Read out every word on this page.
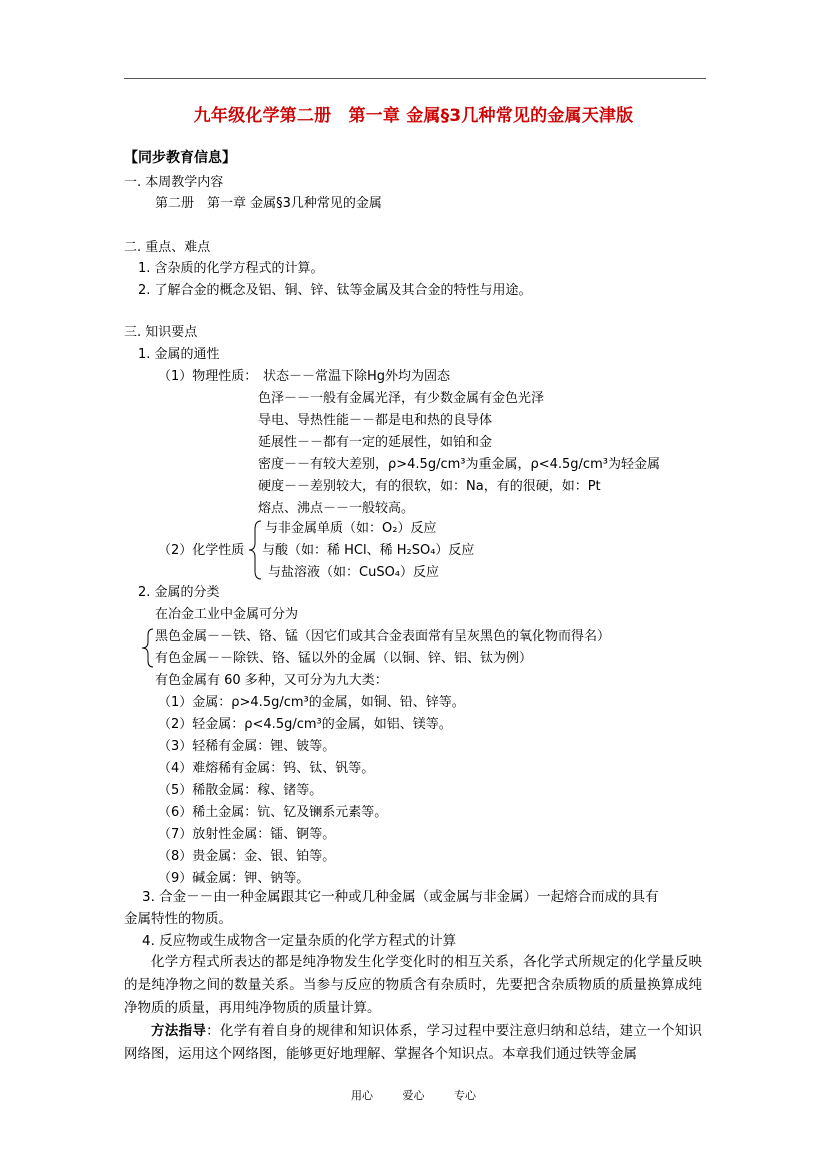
九年级化学第二册　第一章 金属§3几种常见的金属天津版
【同步教育信息】
一. 本周教学内容
第二册　第一章 金属§3几种常见的金属
二. 重点、难点
1. 含杂质的化学方程式的计算。
2. 了解合金的概念及铝、铜、锌、钛等金属及其合金的特性与用途。
三. 知识要点
1. 金属的通性
（1）物理性质： 状态－－常温下除Hg外均为固态
色泽－－一般有金属光泽，有少数金属有金色光泽
导电、导热性能－－都是电和热的良导体
延展性－－都有一定的延展性，如铂和金
密度－－有较大差别，ρ>4.5g/cm³为重金属，ρ<4.5g/cm³为轻金属
硬度－－差别较大，有的很软，如：Na，有的很硬，如：Pt
熔点、沸点－－一般较高。
（2）化学性质
与非金属单质（如：O₂）反应
与酸（如：稀 HCl、稀 H₂SO₄）反应
与盐溶液（如：CuSO₄）反应
2. 金属的分类
在冶金工业中金属可分为
黑色金属－－铁、铬、锰（因它们或其合金表面常有呈灰黑色的氧化物而得名）
有色金属－－除铁、铬、锰以外的金属（以铜、锌、铝、钛为例）
有色金属有 60 多种，又可分为九大类：
（1）金属：ρ>4.5g/cm³的金属，如铜、铅、锌等。
（2）轻金属：ρ<4.5g/cm³的金属，如铝、镁等。
（3）轻稀有金属：锂、铍等。
（4）难熔稀有金属：钨、钛、钒等。
（5）稀散金属：稼、锗等。
（6）稀土金属：钪、钇及镧系元素等。
（7）放射性金属：镭、锕等。
（8）贵金属：金、银、铂等。
（9）碱金属：钾、钠等。
3. 合金－－由一种金属跟其它一种或几种金属（或金属与非金属）一起熔合而成的具有
金属特性的物质。
4. 反应物或生成物含一定量杂质的化学方程式的计算
化学方程式所表达的都是纯净物发生化学变化时的相互关系，各化学式所规定的化学量反映的是纯净物之间的数量关系。当参与反应的物质含有杂质时，先要把含杂质物质的质量换算成纯净物质的质量，再用纯净物质的质量计算。
方法指导：化学有着自身的规律和知识体系，学习过程中要注意归纳和总结，建立一个知识网络图，运用这个网络图，能够更好地理解、掌握各个知识点。本章我们通过铁等金属
用心	爱心	专心
